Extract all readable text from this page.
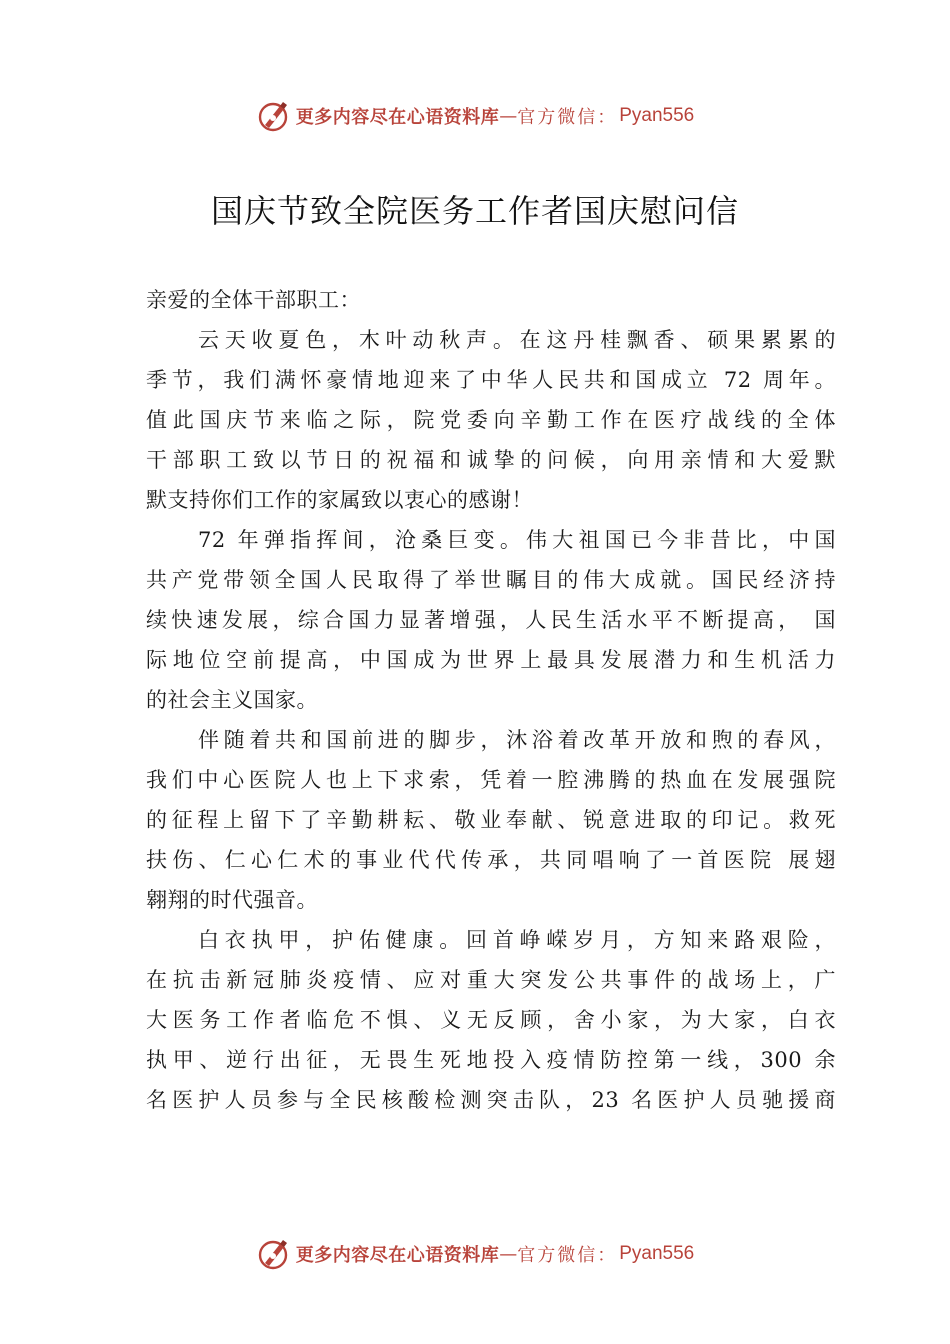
更多内容尽在心语资料库 — 官方微信： Pyan556
国庆节致全院医务工作者国庆慰问信
亲爱的全体干部职工：
云天收夏色，木叶动秋声。在这丹桂飘香、硕果累累的
季节，我们满怀豪情地迎来了中华人民共和国成立 72 周年。
值此国庆节来临之际，院党委向辛勤工作在医疗战线的全体
干部职工致以节日的祝福和诚挚的问候，向用亲情和大爱默
默支持你们工作的家属致以衷心的感谢！
72 年弹指挥间，沧桑巨变。伟大祖国已今非昔比，中国
共产党带领全国人民取得了举世瞩目的伟大成就。国民经济持
续快速发展，综合国力显著增强，人民生活水平不断提高， 国
际地位空前提高，中国成为世界上最具发展潜力和生机活力
的社会主义国家。
伴随着共和国前进的脚步，沐浴着改革开放和煦的春风，
我们中心医院人也上下求索，凭着一腔沸腾的热血在发展强院
的征程上留下了辛勤耕耘、敬业奉献、锐意进取的印记。救死
扶伤、仁心仁术的事业代代传承，共同唱响了一首医院 展翅
翱翔的时代强音。
白衣执甲，护佑健康。回首峥嵘岁月，方知来路艰险，
在抗击新冠肺炎疫情、应对重大突发公共事件的战场上，广
大医务工作者临危不惧、义无反顾，舍小家，为大家，白衣
执甲、逆行出征，无畏生死地投入疫情防控第一线，300 余
名医护人员参与全民核酸检测突击队，23 名医护人员驰援商
更多内容尽在心语资料库 — 官方微信： Pyan556
